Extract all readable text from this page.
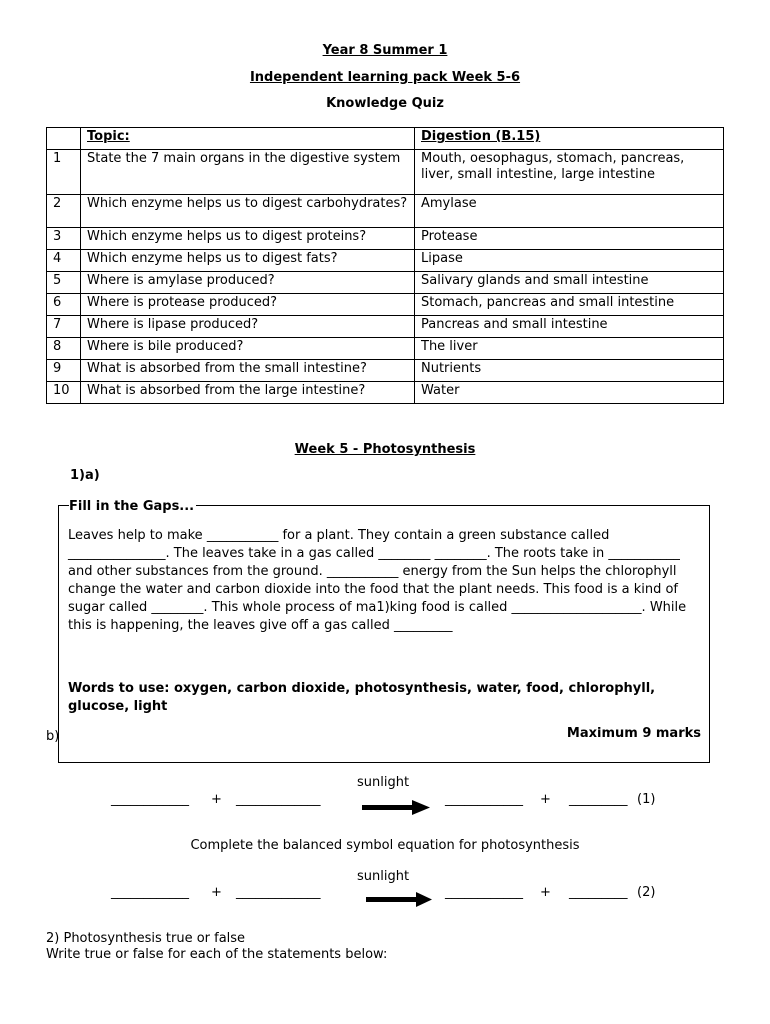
Year 8 Summer 1
Independent learning pack Week 5-6
Knowledge Quiz
	Topic:	Digestion (B.15)
1	State the 7 main organs in the digestive system	Mouth, oesophagus, stomach, pancreas, liver, small intestine, large intestine
2	Which enzyme helps us to digest carbohydrates?	Amylase
3	Which enzyme helps us to digest proteins?	Protease
4	Which enzyme helps us to digest fats?	Lipase
5	Where is amylase produced?	Salivary glands and small intestine
6	Where is protease produced?	Stomach, pancreas and small intestine
7	Where is lipase produced?	Pancreas and small intestine
8	Where is bile produced?	The liver
9	What is absorbed from the small intestine?	Nutrients
10	What is absorbed from the large intestine?	Water
Week 5 - Photosynthesis
1)a)
b)
Fill in the Gaps...
Leaves help to make ___________ for a plant. They contain a green substance called _______________. The leaves take in a gas called ________ ________. The roots take in ___________ and other substances from the ground. ___________ energy from the Sun helps the chlorophyll change the water and carbon dioxide into the food that the plant needs. This food is a kind of sugar called ________. This whole process of ma1)king food is called ____________________. While this is happening, the leaves give off a gas called _________
Words to use: oxygen, carbon dioxide, photosynthesis, water, food, chlorophyll, glucose, light
Maximum 9 marks
sunlight
____________ + _____________	____________ + _________ (1)
Complete the balanced symbol equation for photosynthesis
sunlight
____________ + _____________	____________ + _________ (2)
2) Photosynthesis true or false
Write true or false for each of the statements below:
